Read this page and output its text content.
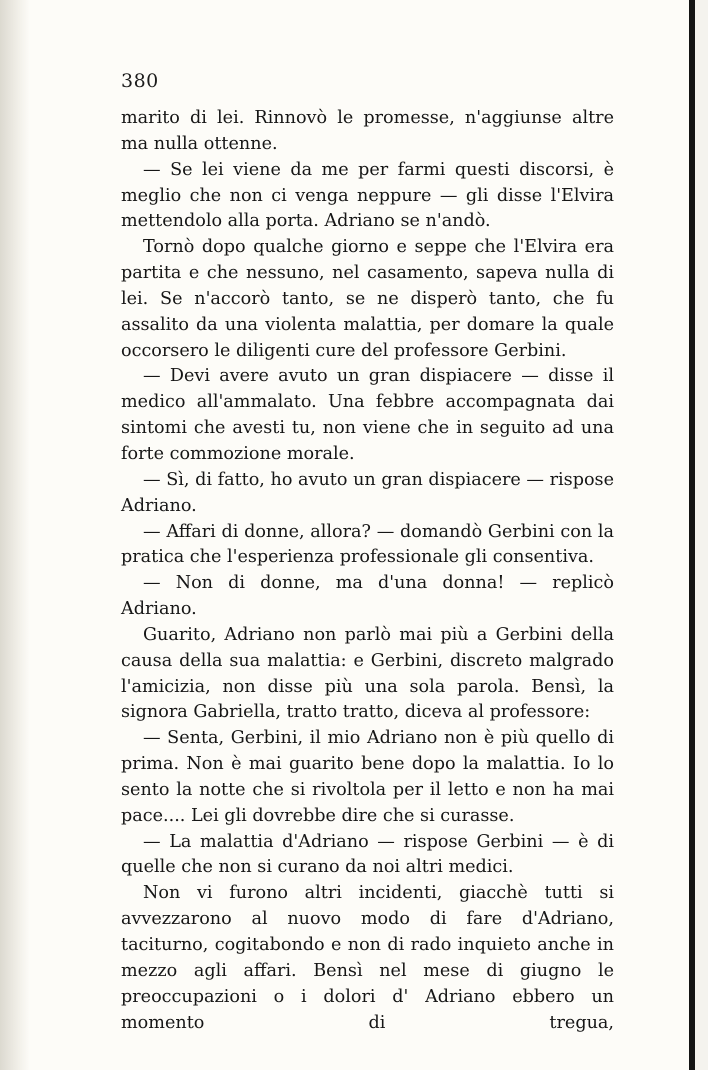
380

marito di lei. Rinnovò le promesse, n'aggiunse altre ma nulla ottenne.

— Se lei viene da me per farmi questi discorsi, è meglio che non ci venga neppure — gli disse l'Elvira mettendolo alla porta. Adriano se n'andò.

Tornò dopo qualche giorno e seppe che l'Elvira era partita e che nessuno, nel casamento, sapeva nulla di lei. Se n'accorò tanto, se ne disperò tanto, che fu assalito da una violenta malattia, per domare la quale occorsero le diligenti cure del professore Gerbini.

— Devi avere avuto un gran dispiacere — disse il medico all'ammalato. Una febbre accompagnata dai sintomi che avesti tu, non viene che in seguito ad una forte commozione morale.

— Sì, di fatto, ho avuto un gran dispiacere — rispose Adriano.

— Affari di donne, allora? — domandò Gerbini con la pratica che l'esperienza professionale gli consentiva.

— Non di donne, ma d'una donna! — replicò Adriano.

Guarito, Adriano non parlò mai più a Gerbini della causa della sua malattia: e Gerbini, discreto malgrado l'amicizia, non disse più una sola parola. Bensì, la signora Gabriella, tratto tratto, diceva al professore:

— Senta, Gerbini, il mio Adriano non è più quello di prima. Non è mai guarito bene dopo la malattia. Io lo sento la notte che si rivoltola per il letto e non ha mai pace.... Lei gli dovrebbe dire che si curasse.

— La malattia d'Adriano — rispose Gerbini — è di quelle che non si curano da noi altri medici.

Non vi furono altri incidenti, giacchè tutti si avvezzarono al nuovo modo di fare d'Adriano, taciturno, cogitabondo e non di rado inquieto anche in mezzo agli affari. Bensì nel mese di giugno le preoccupazioni o i dolori d' Adriano ebbero un momento di tregua,
